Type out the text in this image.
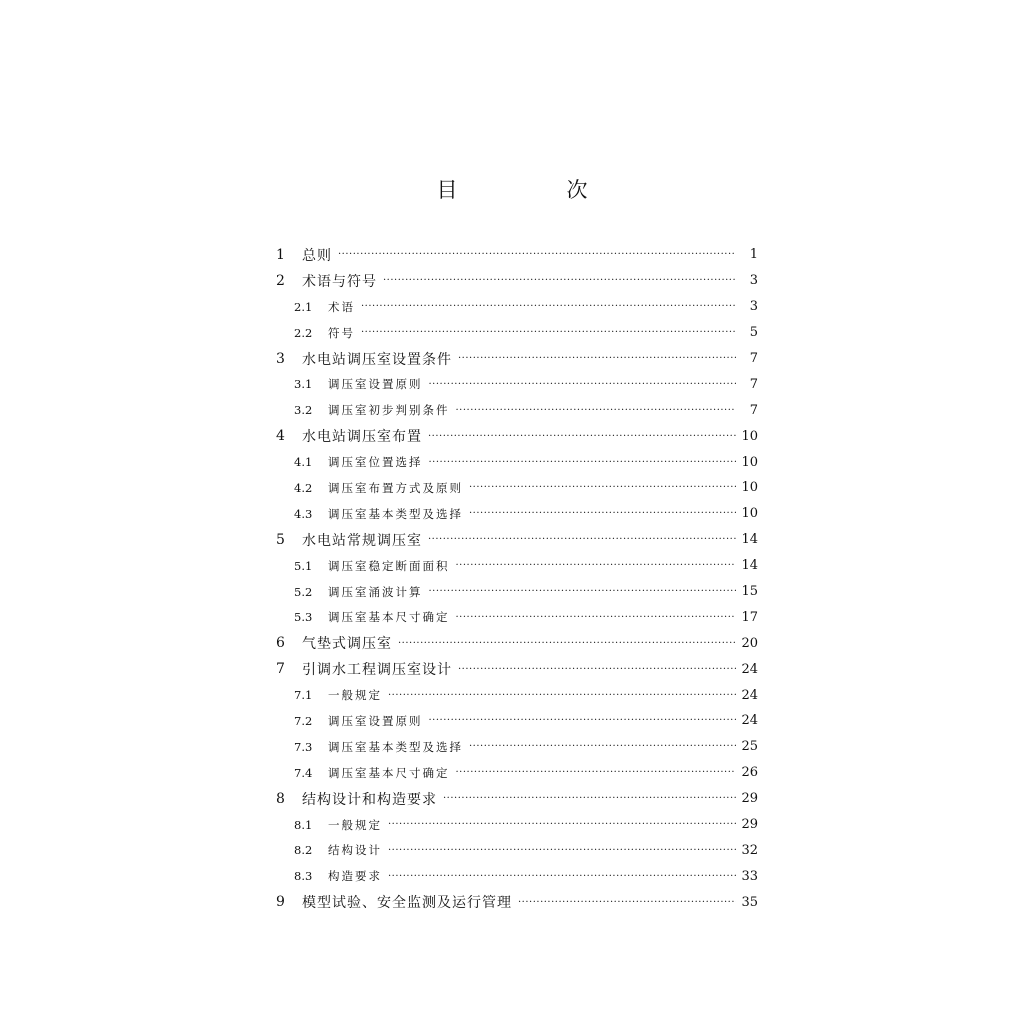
目　次
1	总则 ·····	1
2	术语与符号 ·····	3
2.1	术语 ·····	3
2.2	符号 ·····	5
3	水电站调压室设置条件 ·····	7
3.1	调压室设置原则 ·····	7
3.2	调压室初步判别条件 ·····	7
4	水电站调压室布置 ·····	10
4.1	调压室位置选择 ·····	10
4.2	调压室布置方式及原则 ·····	10
4.3	调压室基本类型及选择 ·····	10
5	水电站常规调压室 ·····	14
5.1	调压室稳定断面面积 ·····	14
5.2	调压室涌波计算 ·····	15
5.3	调压室基本尺寸确定 ·····	17
6	气垫式调压室 ·····	20
7	引调水工程调压室设计 ·····	24
7.1	一般规定 ·····	24
7.2	调压室设置原则 ·····	24
7.3	调压室基本类型及选择 ·····	25
7.4	调压室基本尺寸确定 ·····	26
8	结构设计和构造要求 ·····	29
8.1	一般规定 ·····	29
8.2	结构设计 ·····	32
8.3	构造要求 ·····	33
9	模型试验、安全监测及运行管理 ·····	35
